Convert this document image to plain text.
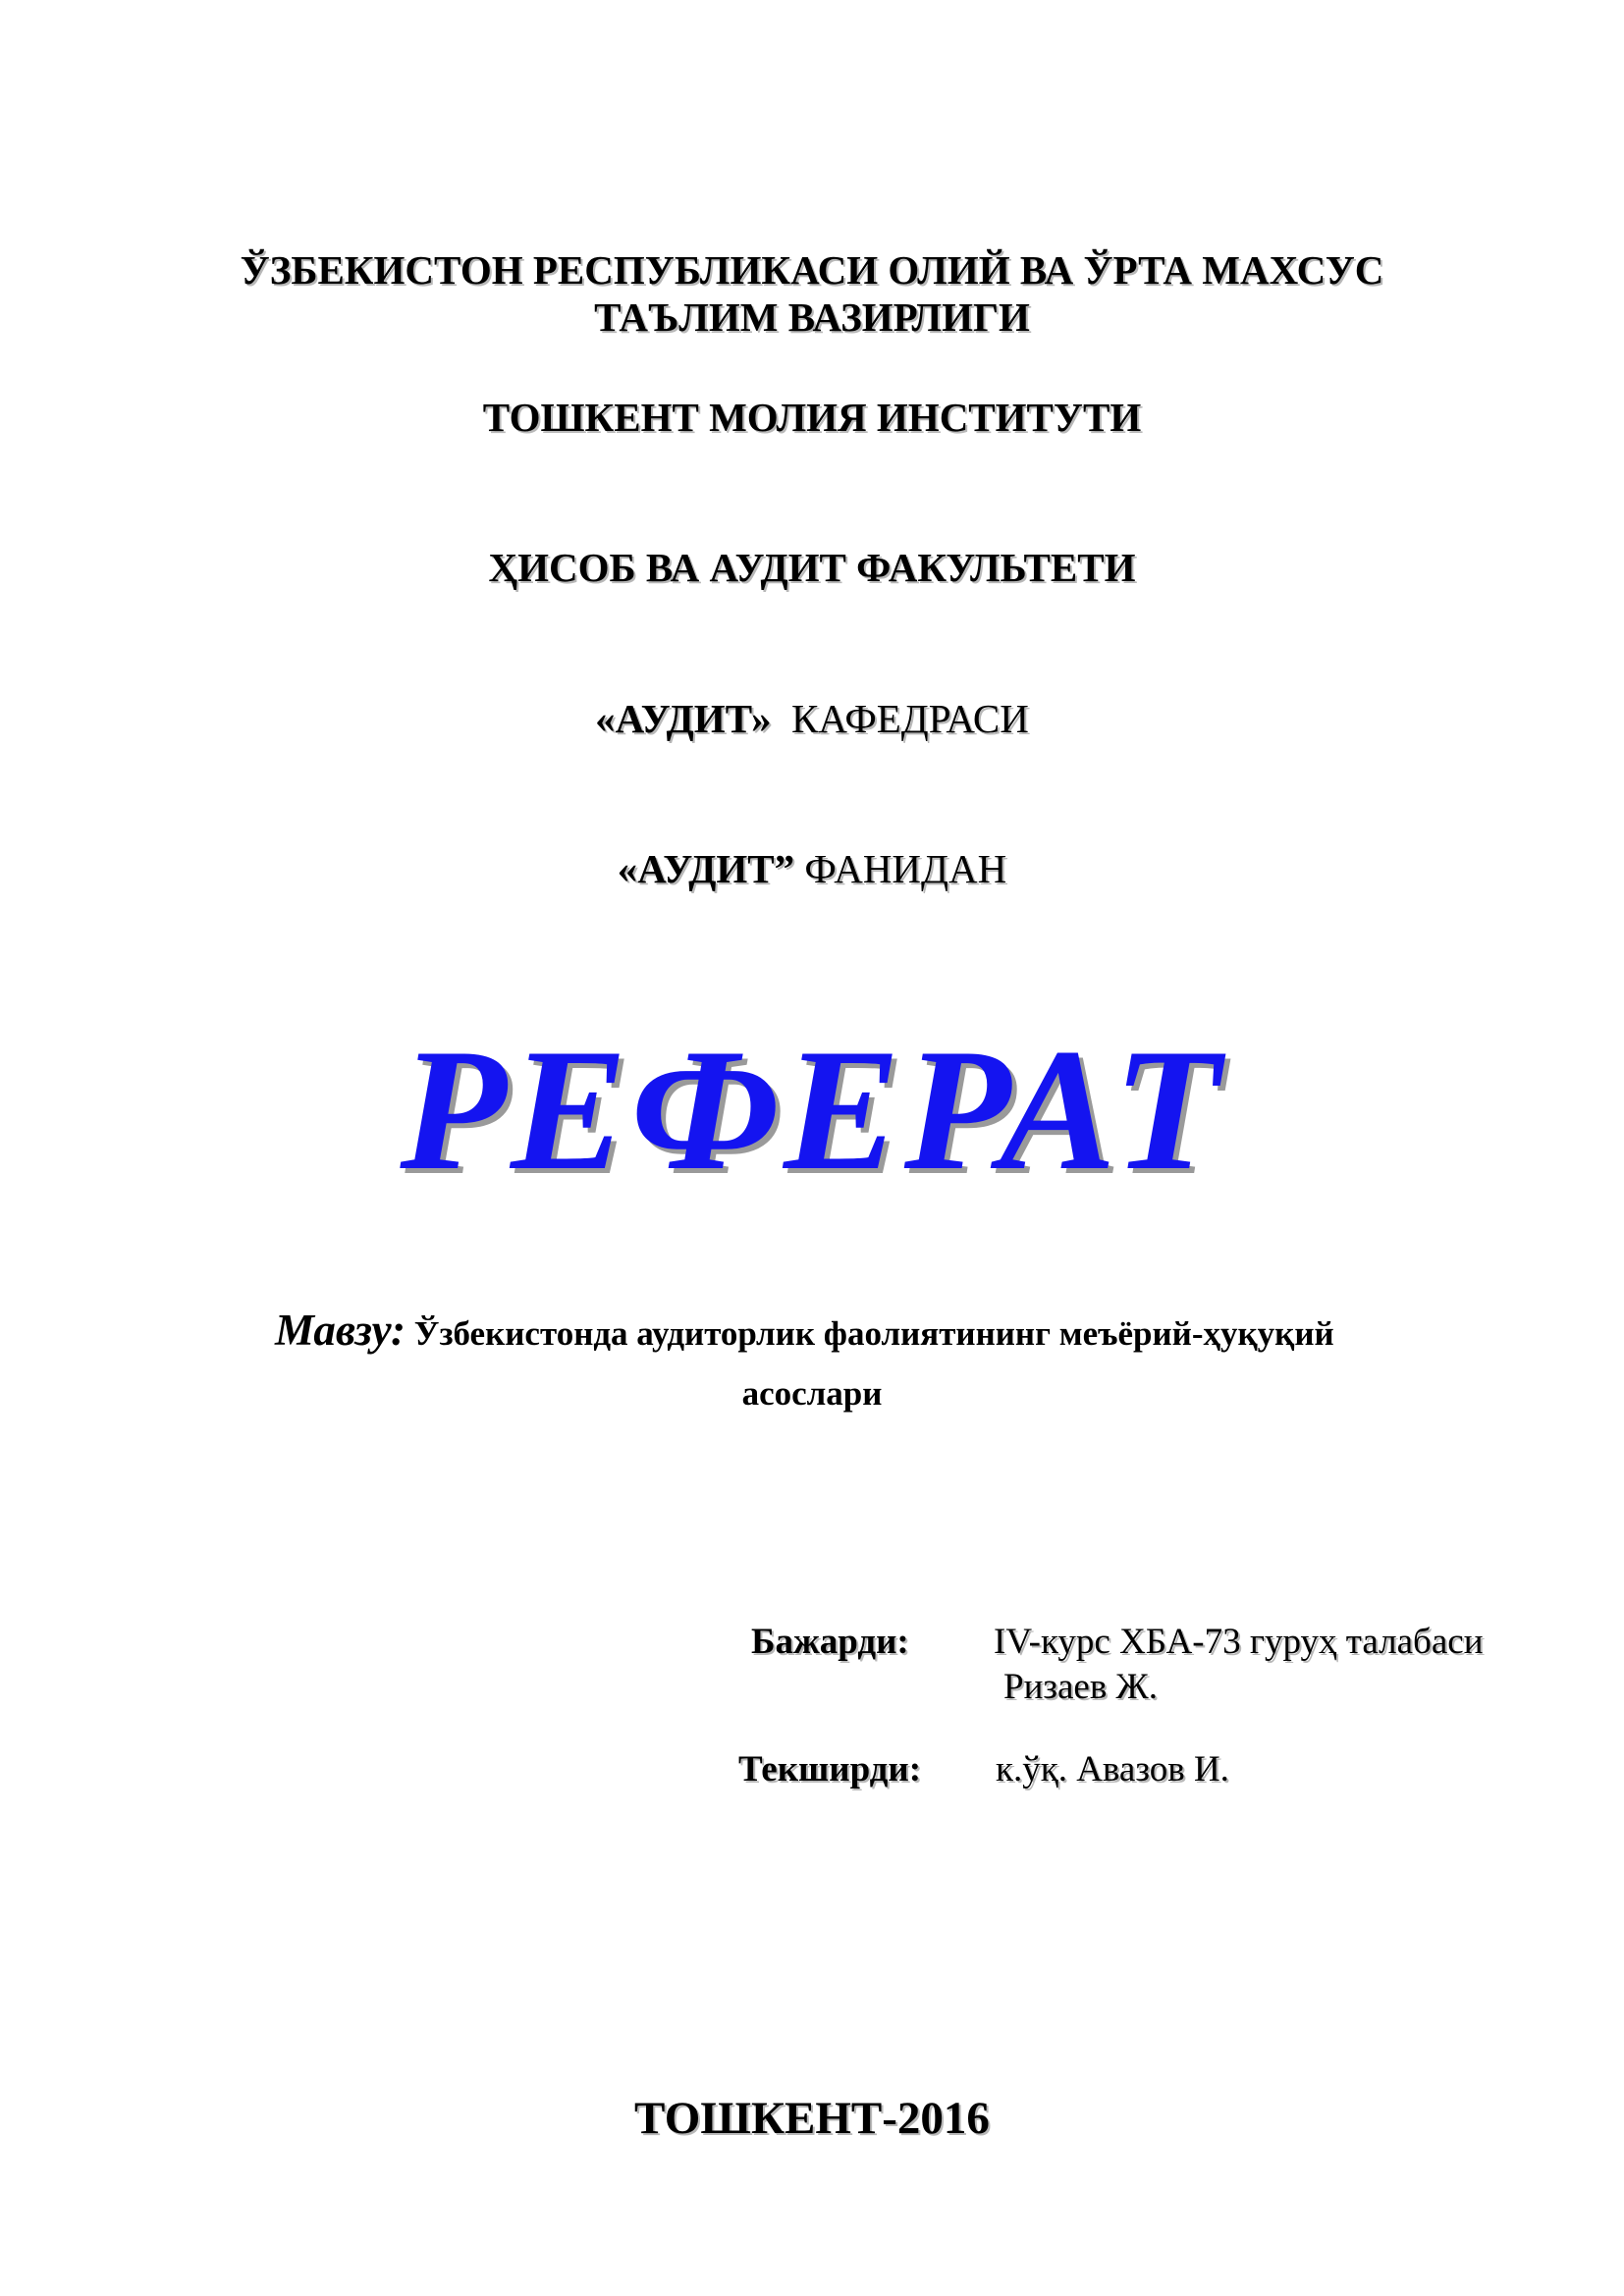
ЎЗБЕКИСТОН РЕСПУБЛИКАСИ ОЛИЙ ВА ЎРТА МАХСУС
ТАЪЛИМ ВАЗИРЛИГИ
ТОШКЕНТ МОЛИЯ ИНСТИТУТИ
ҲИСОБ ВА АУДИТ ФАКУЛЬТЕТИ
«АУДИТ» КАФЕДРАСИ
«АУДИТ” ФАНИДАН
РЕФЕРАТ
Мавзу: Ўзбекистонда аудиторлик фаолиятининг меъёрий-ҳуқуқий
асослари
Бажарди: IV-курс ХБА-73 гуруҳ талабаси
Ризаев Ж.
Текширди: к.ўқ. Авазов И.
ТОШКЕНТ-2016
